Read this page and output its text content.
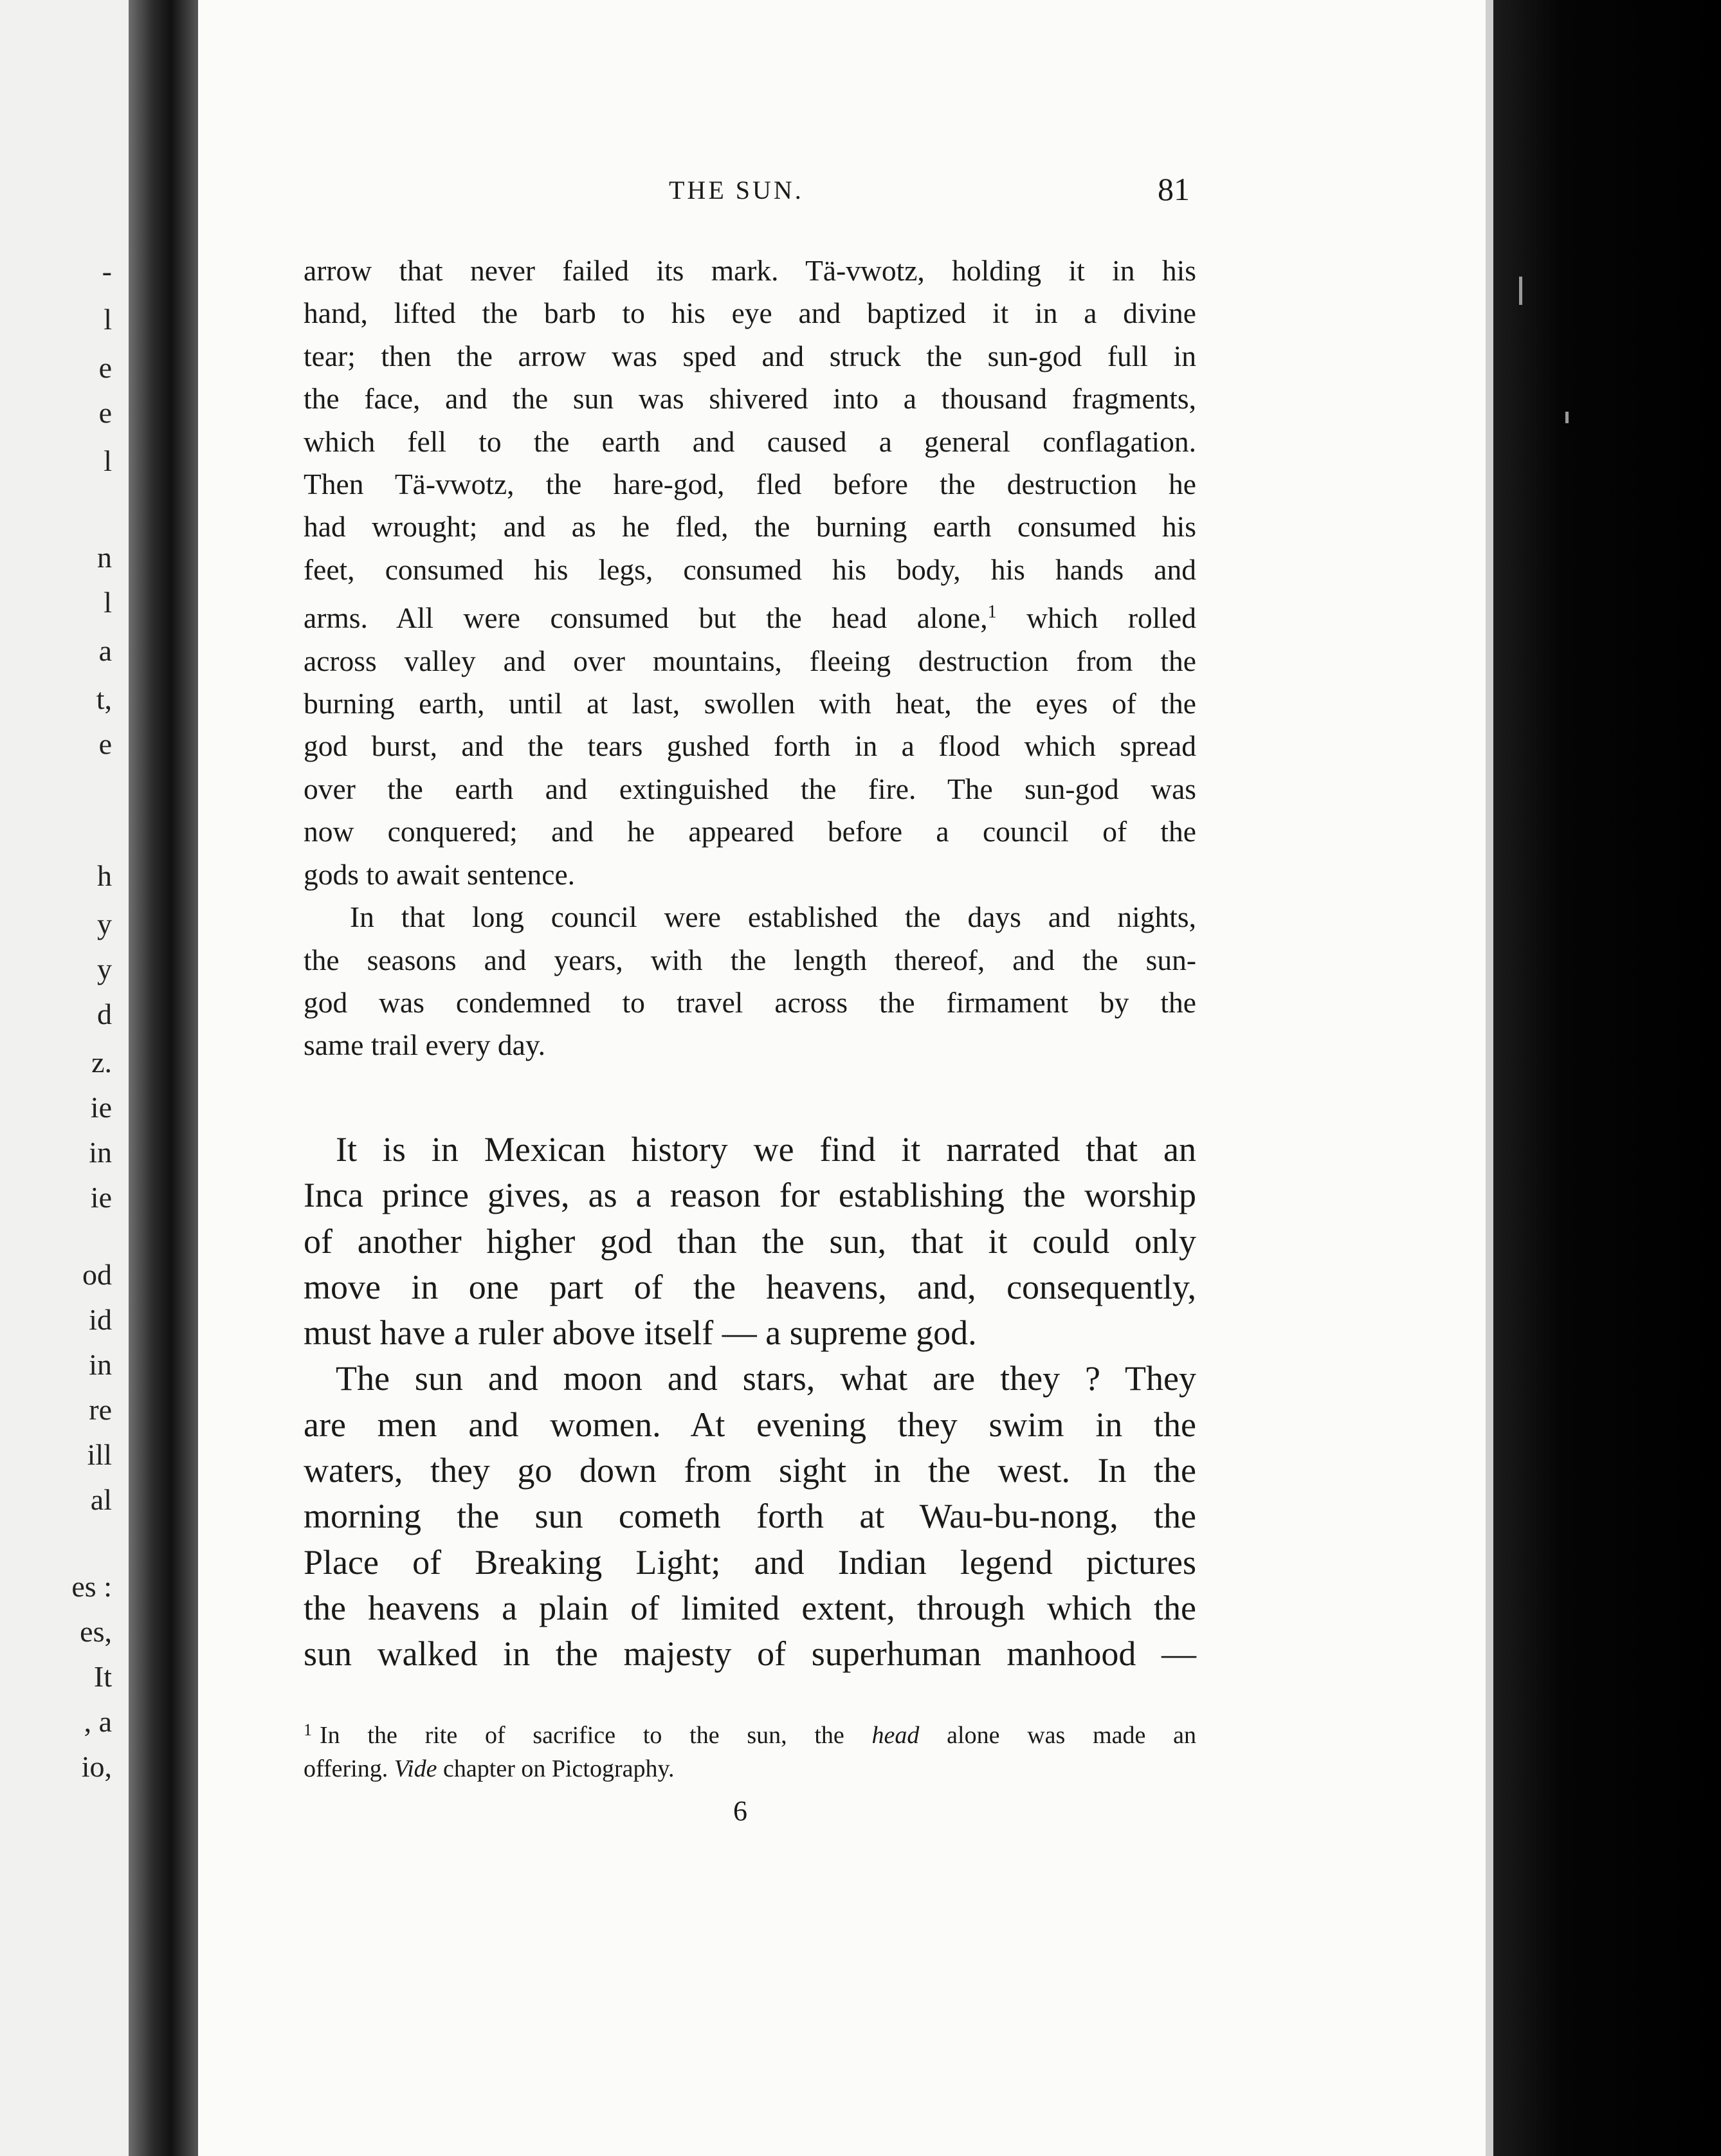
-
l
e
e
l
n
l
a
t,
e
h
y
y
d
z.
ie
in
ie
od
id
in
re
ill
al
es :
es,
It
, a
io,
THE SUN.	81
arrow that never failed its mark. Tä-vwotz, holding it in his
hand, lifted the barb to his eye and baptized it in a divine
tear; then the arrow was sped and struck the sun-god full in
the face, and the sun was shivered into a thousand fragments,
which fell to the earth and caused a general conflagation.
Then Tä-vwotz, the hare-god, fled before the destruction he
had wrought; and as he fled, the burning earth consumed his
feet, consumed his legs, consumed his body, his hands and
arms. All were consumed but the head alone,$^1$ which rolled
across valley and over mountains, fleeing destruction from the
burning earth, until at last, swollen with heat, the eyes of the
god burst, and the tears gushed forth in a flood which spread
over the earth and extinguished the fire. The sun-god was
now conquered; and he appeared before a council of the
gods to await sentence.
In that long council were established the days and nights,
the seasons and years, with the length thereof, and the sun-
god was condemned to travel across the firmament by the
same trail every day.
It is in Mexican history we find it narrated that an
Inca prince gives, as a reason for establishing the worship
of another higher god than the sun, that it could only
move in one part of the heavens, and, consequently,
must have a ruler above itself — a supreme god.
The sun and moon and stars, what are they ? They
are men and women. At evening they swim in the
waters, they go down from sight in the west. In the
morning the sun cometh forth at Wau-bu-nong, the
Place of Breaking Light; and Indian legend pictures
the heavens a plain of limited extent, through which the
sun walked in the majesty of superhuman manhood —
$^1$ In the rite of sacrifice to the sun, the head alone was made an
offering. Vide chapter on Pictography.
6
